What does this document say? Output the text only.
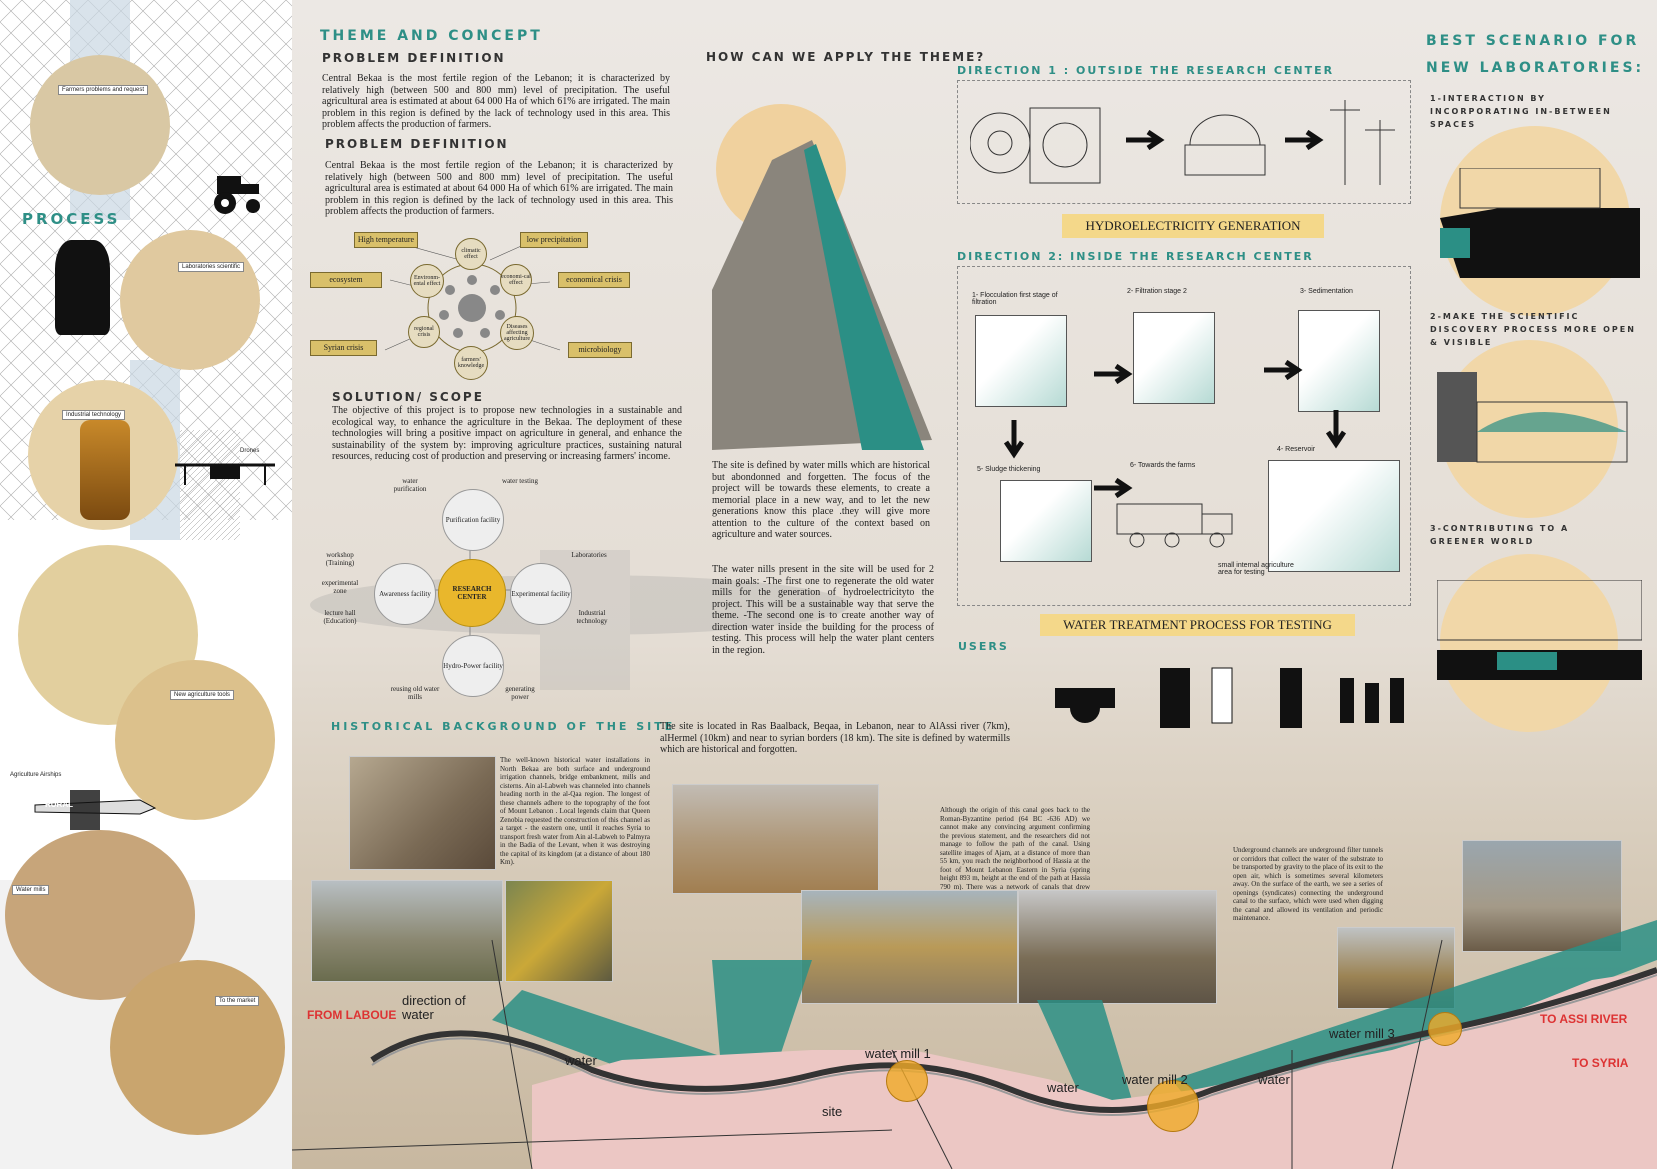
PROCESS
Farmers problems and request
Laboratories scientific
Industrial technology
Drones
New agriculture tools
RURAL
Agriculture Airships
Water mills
To the market
THEME AND CONCEPT
PROBLEM DEFINITION
Central Bekaa is the most fertile region of the Lebanon; it is characterized by relatively high (between 500 and 800 mm) level of precipitation. The useful agricultural area is estimated at about 64 000 Ha of which 61% are irrigated. The main problem in this region is defined by the lack of technology used in this area. This problem affects the production of farmers.
PROBLEM DEFINITION
Central Bekaa is the most fertile region of the Lebanon; it is characterized by relatively high (between 500 and 800 mm) level of precipitation. The useful agricultural area is estimated at about 64 000 Ha of which 61% are irrigated. The main problem in this region is defined by the lack of technology used in this area. This problem affects the production of farmers.
High temperature	low precipitation
ecosystem	economical crisis
Syrian crisis	microbiology
climatic effect
economi-cal effect
Diseases affecting agriculture
farmers' knowledge
regional crisis
Environm-ental effect
SOLUTION/ SCOPE
The objective of this project is to propose new technologies in a sustainable and ecological way, to enhance the agriculture in the Bekaa. The deployment of these technologies will bring a positive impact on agriculture in general, and enhance the sustainability of the system by: improving agriculture practices, sustaining natural resources, reducing cost of production and preserving or increasing farmers' income.
Purification facility
Awareness facility
RESEARCH CENTER	Experimental facility
Hydro-Power facility
water purification
water testing
workshop (Training)
experimental zone
lecture hall (Education)
Laboratories
Industrial technology
reusing old water mills
generating power
HOW CAN WE APPLY THE THEME?
The site is defined by water mills which are historical but abondonned and forgetten. The focus of the project will be towards these elements, to create a memorial place in a new way, and to let the new generations know this place .they will give more attention to the culture of the context based on agriculture and water sources.
The water nills present in the site will be used for 2 main goals: -The first one to regenerate the old water mills for the generation of hydroelectricityto the project. This will be a sustainable way that serve the theme. -The second one is to create another way of direction water inside the building for the process of testing. This process will help the water plant centers in the region.
DIRECTION 1 : OUTSIDE THE RESEARCH CENTER
HYDROELECTRICITY GENERATION
DIRECTION 2: INSIDE THE RESEARCH CENTER
1- Flocculation first stage of filtration
2- Filtration stage 2	3- Sedimentation
5- Sludge thickening
6- Towards the farms
4- Reservoir
small internal agriculture area for testing
WATER TREATMENT PROCESS FOR TESTING
USERS
BEST SCENARIO FOR
NEW LABORATORIES:
1-INTERACTION BY INCORPORATING IN-BETWEEN SPACES
2-MAKE THE SCIENTIFIC DISCOVERY PROCESS MORE OPEN & VISIBLE
3-CONTRIBUTING TO A GREENER WORLD
HISTORICAL BACKGROUND OF THE SITE
The site is located in Ras Baalback, Beqaa, in Lebanon, near to AlAssi river (7km), alHermel (10km) and near to syrian borders (18 km). The site is defined by watermills which are historical and forgotten.
The well-known historical water installations in North Bekaa are both surface and underground irrigation channels, bridge embankment, mills and cisterns. Ain al-Labweh was channeled into channels heading north in the al-Qaa region. The longest of these channels adhere to the topography of the foot of Mount Lebanon . Local legends claim that Queen Zenobia requested the construction of this channel as a target - the eastern one, until it reaches Syria to transport fresh water from Ain al-Labweh to Palmyra in the Badia of the Levant, when it was destroying the capital of its kingdom (at a distance of about 180 Km).
Although the origin of this canal goes back to the Roman-Byzantine period (64 BC -636 AD) we cannot make any convincing argument confirming the previous statement, and the researchers did not manage to follow the path of the canal. Using satellite images of Ajam, at a distance of more than 55 km, you reach the neighborhood of Hassia at the foot of Mount Lebanon Eastern in Syria (spring height 893 m, height at the end of the path at Hassia 790 m). There was a network of canals that drew
Underground channels are underground filter tunnels or corridors that collect the water of the substrate to be transported by gravity to the place of its exit to the open air, which is sometimes several kilometers away. On the surface of the earth, we see a series of openings (syndicates) connecting the underground canal to the surface, which were used when digging the canal and allowed its ventilation and periodic maintenance.
FROM LABOUE
direction of water
water	water mill 1
water
water mill 2	water
site
water mill 3
TO ASSI RIVER
TO SYRIA
